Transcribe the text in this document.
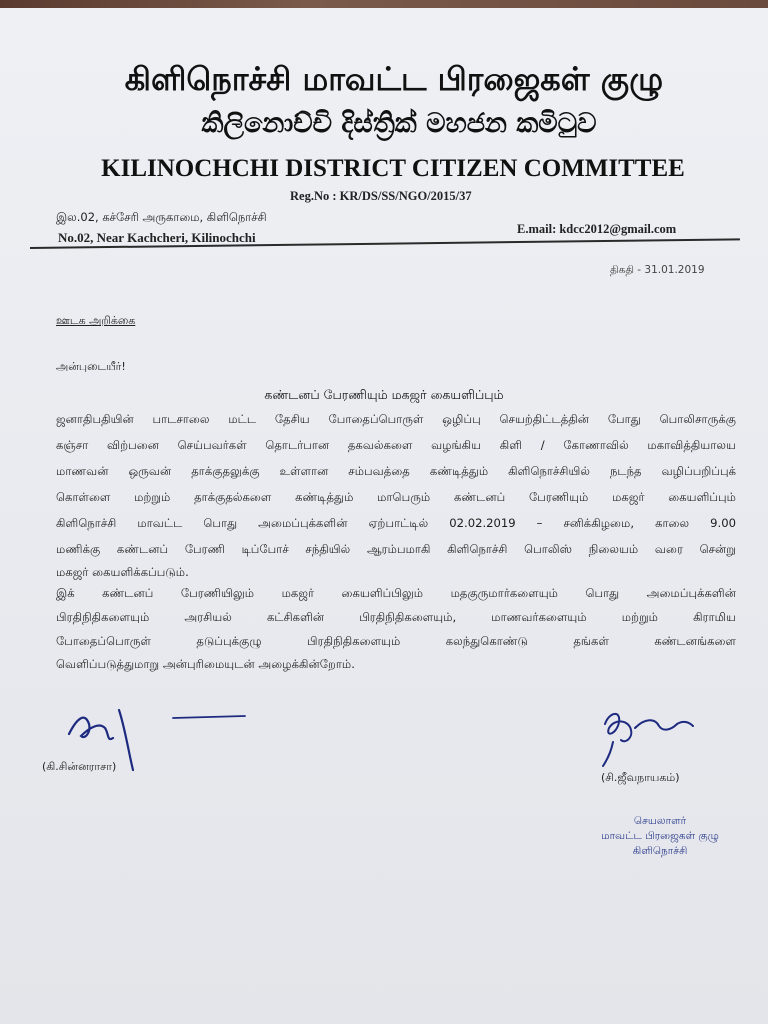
கிளிநொச்சி மாவட்ட பிரஜைகள் குழு
කිලිනොච්චි දිස්ත්‍රික් මහජන කමිටුව
KILINOCHCHI DISTRICT CITIZEN COMMITTEE
Reg.No : KR/DS/SS/NGO/2015/37
இல.02, கச்சேரி அருகாமை, கிளிநொச்சி
No.02, Near Kachcheri, Kilinochchi
E.mail: kdcc2012@gmail.com
திகதி - 31.01.2019
ஊடக அறிக்கை
அன்புடையீர்!
கண்டனப் பேரணியும் மகஜர் கையளிப்பும்
ஜனாதிபதியின் பாடசாலை மட்ட தேசிய போதைப்பொருள் ஒழிப்பு செயற்திட்டத்தின் போது பொலிசாருக்கு
கஞ்சா விற்பனை செய்பவர்கள் தொடர்பான தகவல்களை வழங்கிய கிளி / கோணாவில் மகாவித்தியாலய
மாணவன் ஒருவன் தாக்குதலுக்கு உள்ளான சம்பவத்தை கண்டித்தும் கிளிநொச்சியில் நடந்த வழிப்பறிப்புக்
கொள்ளை மற்றும் தாக்குதல்களை கண்டித்தும் மாபெரும் கண்டனப் பேரணியும் மகஜர் கையளிப்பும்
கிளிநொச்சி மாவட்ட பொது அமைப்புக்களின் ஏற்பாட்டில் 02.02.2019 – சனிக்கிழமை, காலை 9.00
மணிக்கு கண்டனப் பேரணி டிப்போச் சந்தியில் ஆரம்பமாகி கிளிநொச்சி பொலிஸ் நிலையம் வரை சென்று
மகஜர் கையளிக்கப்படும்.
இக் கண்டனப் பேரணியிலும் மகஜர் கையளிப்பிலும் மதகுருமார்களையும் பொது அமைப்புக்களின்
பிரதிநிதிகளையும் அரசியல் கட்சிகளின் பிரதிநிதிகளையும், மாணவர்களையும் மற்றும் கிராமிய
போதைப்பொருள் தடுப்புக்குழு பிரதிநிதிகளையும் கலந்துகொண்டு தங்கள் கண்டனங்களை
வெளிப்படுத்துமாறு அன்புரிமையுடன் அழைக்கின்றோம்.
(கி.சின்னராசா)
(சி.ஜீவநாயகம்)
செயலாளர்
மாவட்ட பிரஜைகள் குழு
கிளிநொச்சி
